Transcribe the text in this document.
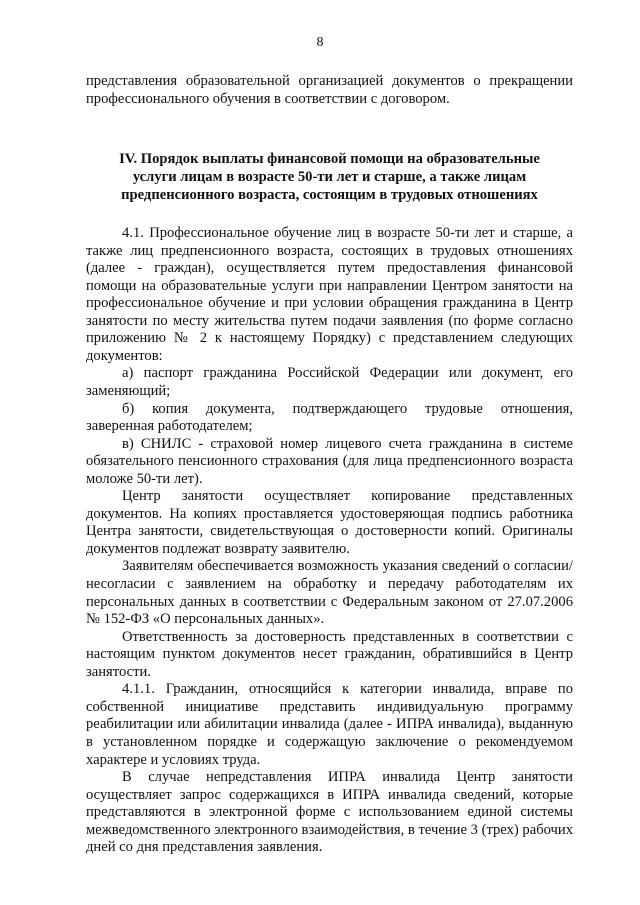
8

представления образовательной организацией документов о прекращении профессионального обучения в соответствии с договором.

IV. Порядок выплаты финансовой помощи на образовательные
услуги лицам в возрасте 50-ти лет и старше, а также лицам
предпенсионного возраста, состоящим в трудовых отношениях

4.1. Профессиональное обучение лиц в возрасте 50-ти лет и старше, а также лиц предпенсионного возраста, состоящих в трудовых отношениях (далее - граждан), осуществляется путем предоставления финансовой помощи на образовательные услуги при направлении Центром занятости на профессиональное обучение и при условии обращения гражданина в Центр занятости по месту жительства путем подачи заявления (по форме согласно приложению № 2 к настоящему Порядку) с представлением следующих документов:

а) паспорт гражданина Российской Федерации или документ, его заменяющий;

б) копия документа, подтверждающего трудовые отношения, заверенная работодателем;

в) СНИЛС - страховой номер лицевого счета гражданина в системе обязательного пенсионного страхования (для лица предпенсионного возраста моложе 50-ти лет).

Центр занятости осуществляет копирование представленных документов. На копиях проставляется удостоверяющая подпись работника Центра занятости, свидетельствующая о достоверности копий. Оригиналы документов подлежат возврату заявителю.

Заявителям обеспечивается возможность указания сведений о согласии/несогласии с заявлением на обработку и передачу работодателям их персональных данных в соответствии с Федеральным законом от 27.07.2006 № 152-ФЗ «О персональных данных».

Ответственность за достоверность представленных в соответствии с настоящим пунктом документов несет гражданин, обратившийся в Центр занятости.

4.1.1. Гражданин, относящийся к категории инвалида, вправе по собственной инициативе представить индивидуальную программу реабилитации или абилитации инвалида (далее - ИПРА инвалида), выданную в установленном порядке и содержащую заключение о рекомендуемом характере и условиях труда.

В случае непредставления ИПРА инвалида Центр занятости осуществляет запрос содержащихся в ИПРА инвалида сведений, которые представляются в электронной форме с использованием единой системы межведомственного электронного взаимодействия, в течение 3 (трех) рабочих дней со дня представления заявления.
